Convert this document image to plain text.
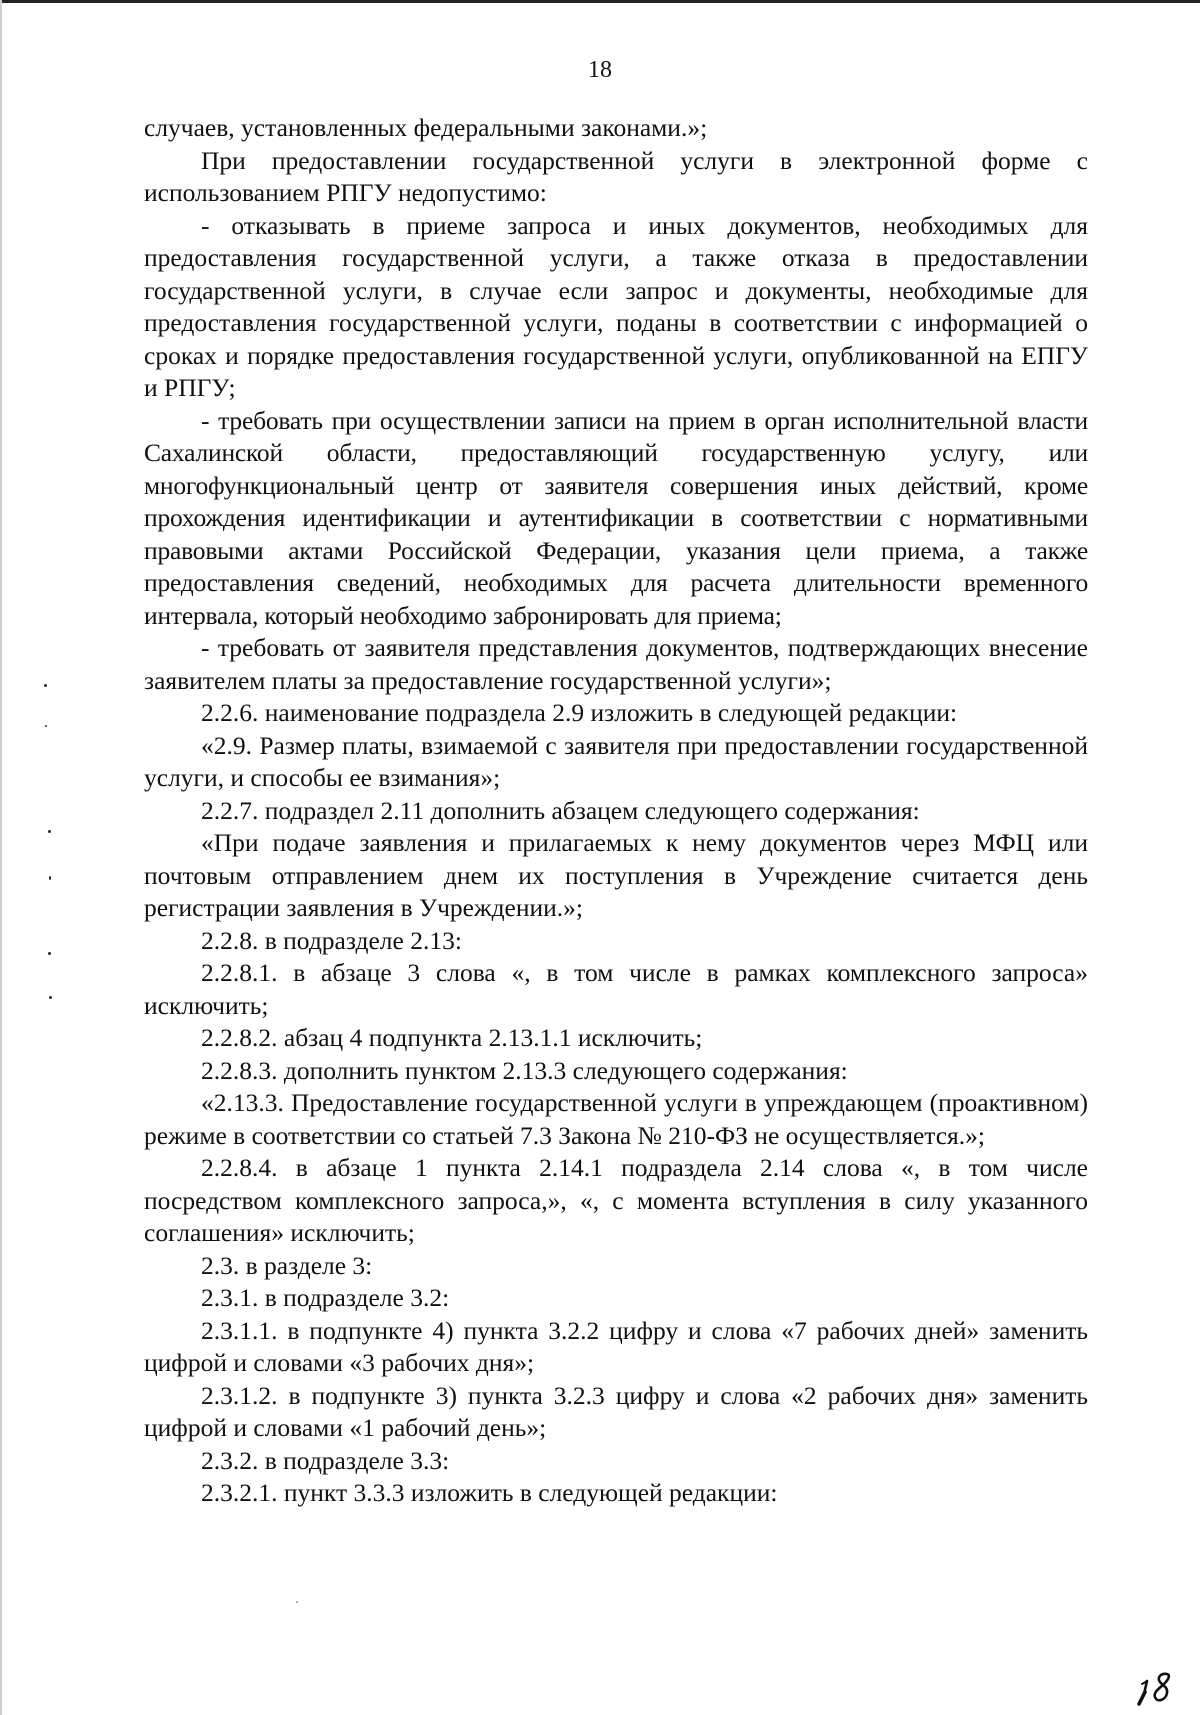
18

случаев, установленных федеральными законами.»;

При предоставлении государственной услуги в электронной форме с использованием РПГУ недопустимо:

- отказывать в приеме запроса и иных документов, необходимых для предоставления государственной услуги, а также отказа в предоставлении государственной услуги, в случае если запрос и документы, необходимые для предоставления государственной услуги, поданы в соответствии с информацией о сроках и порядке предоставления государственной услуги, опубликованной на ЕПГУ и РПГУ;

- требовать при осуществлении записи на прием в орган исполнительной власти Сахалинской области, предоставляющий государственную услугу, или многофункциональный центр от заявителя совершения иных действий, кроме прохождения идентификации и аутентификации в соответствии с нормативными правовыми актами Российской Федерации, указания цели приема, а также предоставления сведений, необходимых для расчета длительности временного интервала, который необходимо забронировать для приема;

- требовать от заявителя представления документов, подтверждающих внесение заявителем платы за предоставление государственной услуги»;

2.2.6. наименование подраздела 2.9 изложить в следующей редакции:

«2.9. Размер платы, взимаемой с заявителя при предоставлении государственной услуги, и способы ее взимания»;

2.2.7. подраздел 2.11 дополнить абзацем следующего содержания:

«При подаче заявления и прилагаемых к нему документов через МФЦ или почтовым отправлением днем их поступления в Учреждение считается день регистрации заявления в Учреждении.»;

2.2.8. в подразделе 2.13:

2.2.8.1. в абзаце 3 слова «, в том числе в рамках комплексного запроса» исключить;

2.2.8.2. абзац 4 подпункта 2.13.1.1 исключить;

2.2.8.3. дополнить пунктом 2.13.3 следующего содержания:

«2.13.3. Предоставление государственной услуги в упреждающем (проактивном) режиме в соответствии со статьей 7.3 Закона № 210-ФЗ не осуществляется.»;

2.2.8.4. в абзаце 1 пункта 2.14.1 подраздела 2.14 слова «, в том числе посредством комплексного запроса,», «, с момента вступления в силу указанного соглашения» исключить;

2.3. в разделе 3:

2.3.1. в подразделе 3.2:

2.3.1.1. в подпункте 4) пункта 3.2.2 цифру и слова «7 рабочих дней» заменить цифрой и словами «3 рабочих дня»;

2.3.1.2. в подпункте 3) пункта 3.2.3 цифру и слова «2 рабочих дня» заменить цифрой и словами «1 рабочий день»;

2.3.2. в подразделе 3.3:

2.3.2.1. пункт 3.3.3 изложить в следующей редакции:
